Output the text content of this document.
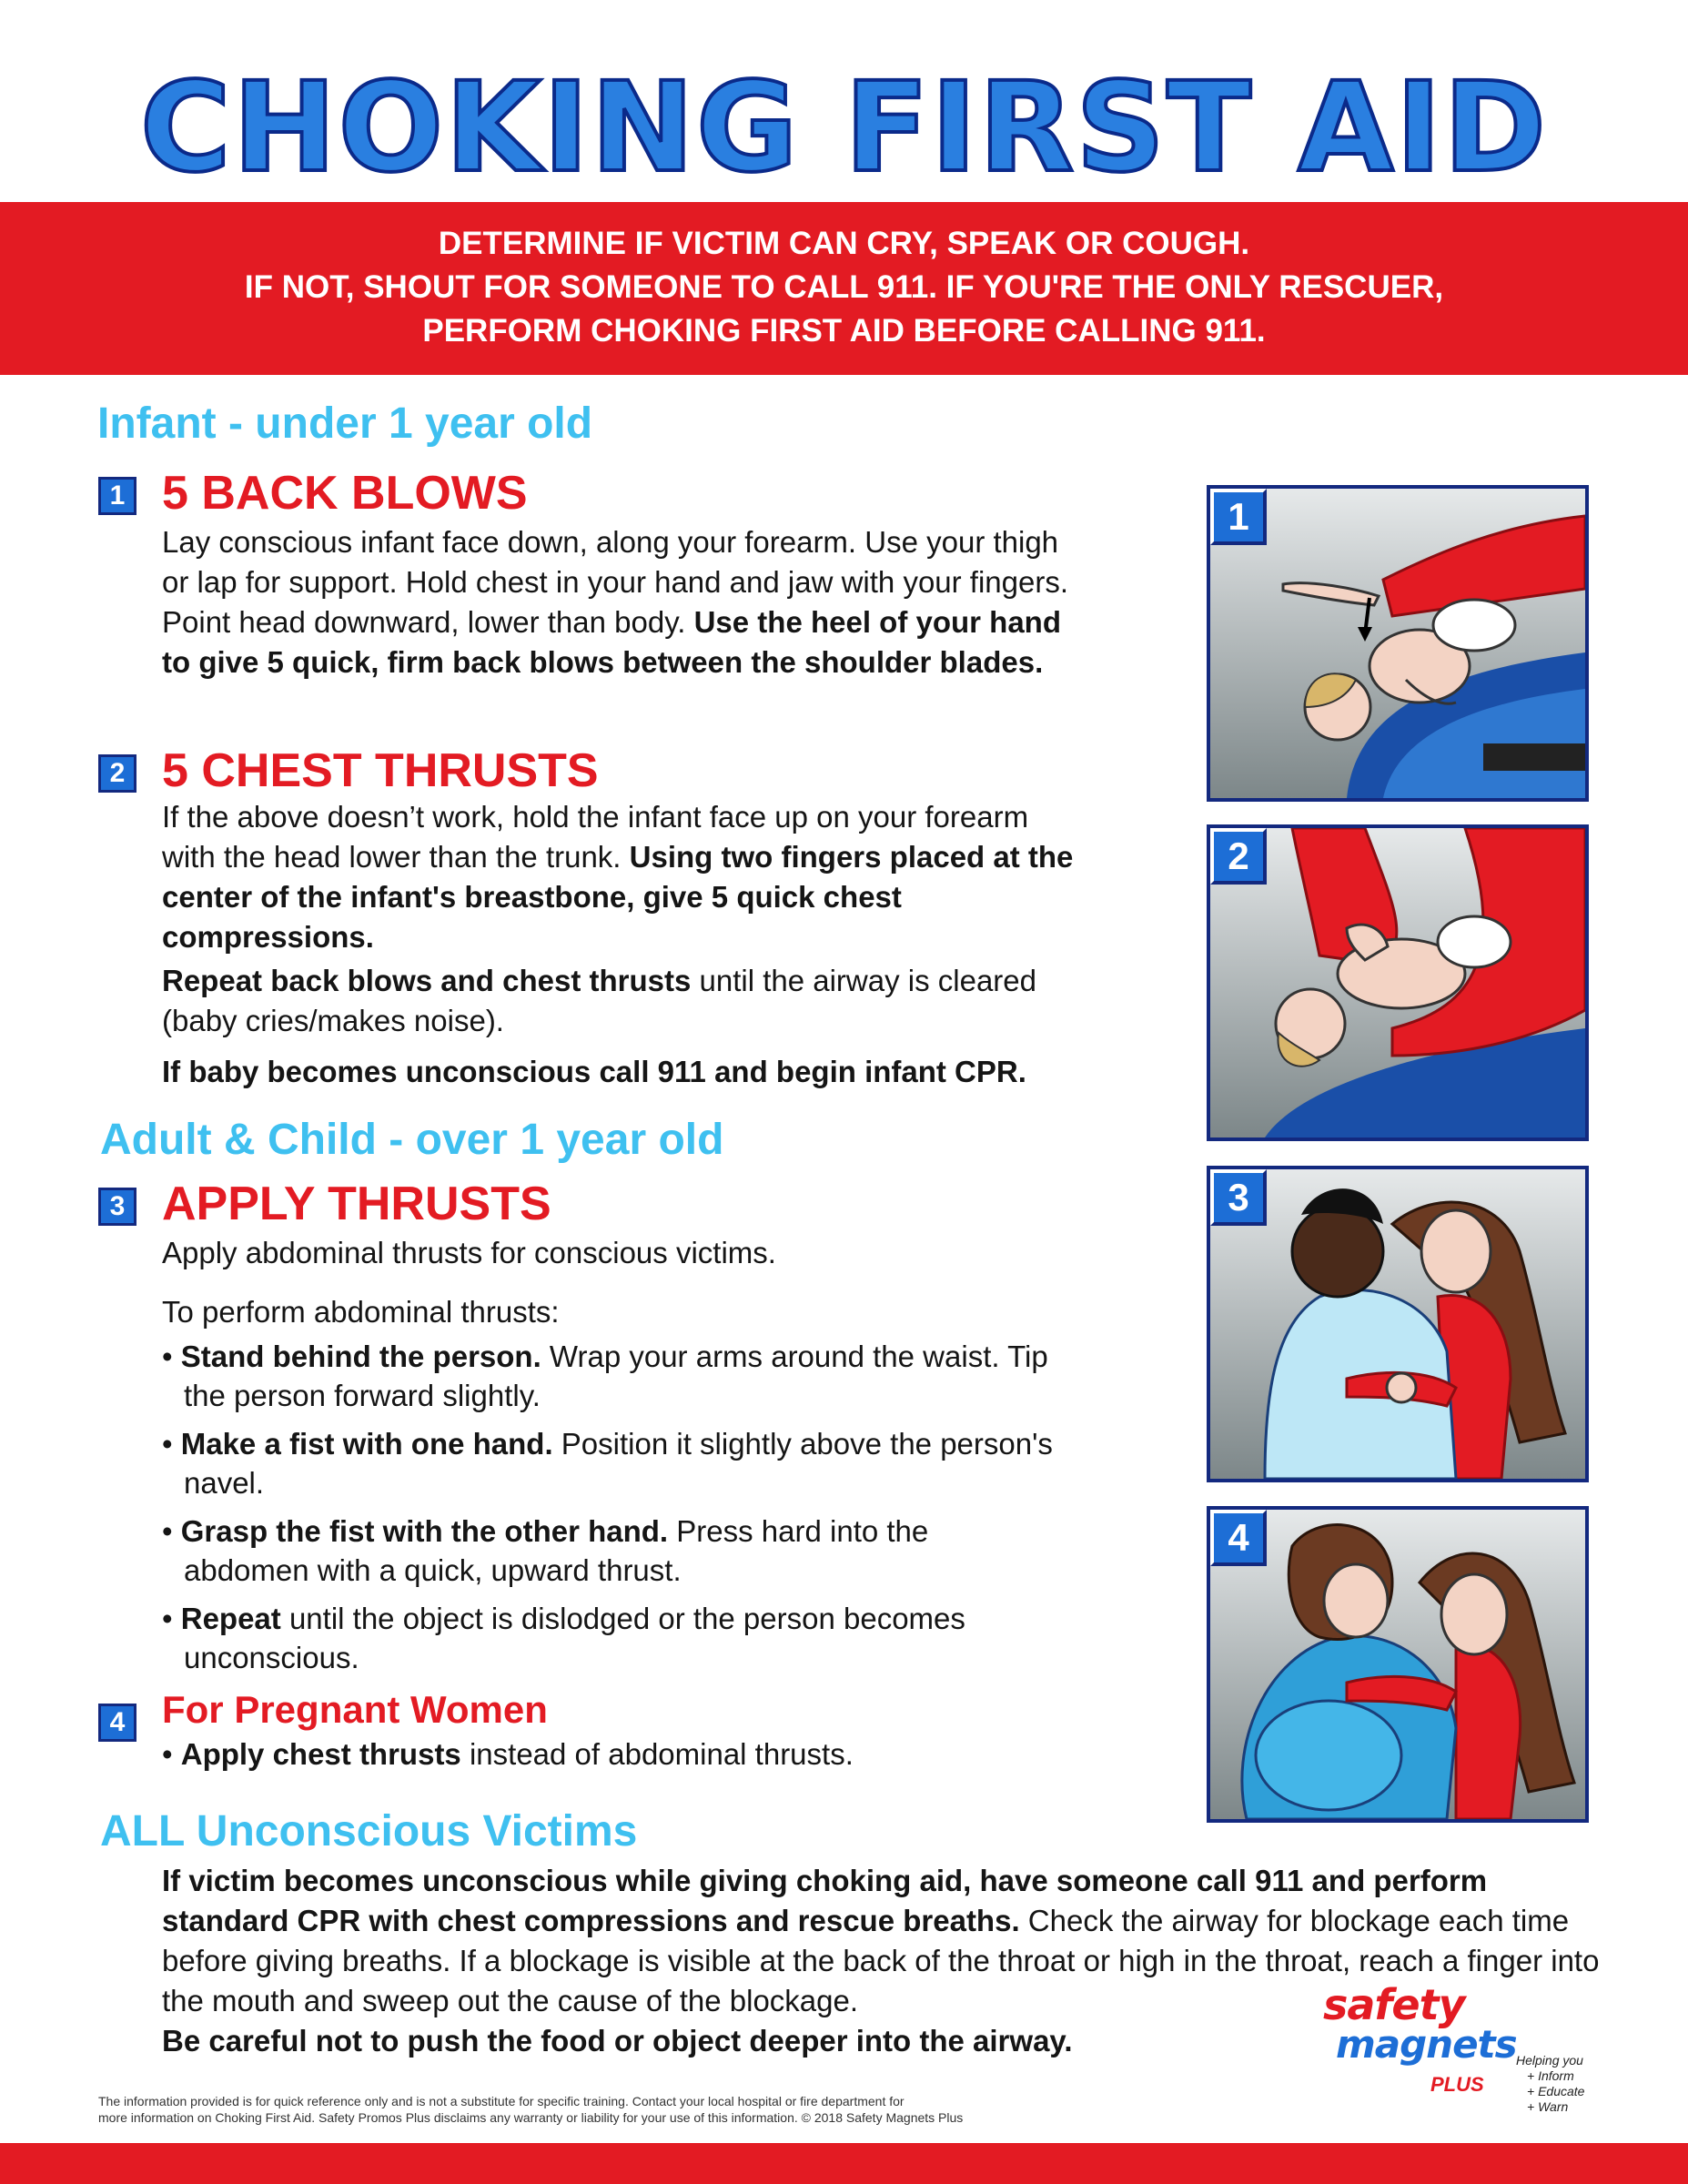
CHOKING FIRST AID
DETERMINE IF VICTIM CAN CRY, SPEAK OR COUGH.
IF NOT, SHOUT FOR SOMEONE TO CALL 911. IF YOU'RE THE ONLY RESCUER,
PERFORM CHOKING FIRST AID BEFORE CALLING 911.
Infant - under 1 year old
1 5 BACK BLOWS
Lay conscious infant face down, along your forearm. Use your thigh or lap for support. Hold chest in your hand and jaw with your fingers. Point head downward, lower than body. Use the heel of your hand to give 5 quick, firm back blows between the shoulder blades.
2 5 CHEST THRUSTS
If the above doesn’t work, hold the infant face up on your forearm with the head lower than the trunk. Using two fingers placed at the center of the infant's breastbone, give 5 quick chest compressions.
Repeat back blows and chest thrusts until the airway is cleared (baby cries/makes noise).
If baby becomes unconscious call 911 and begin infant CPR.
Adult & Child - over 1 year old
3 APPLY THRUSTS
Apply abdominal thrusts for conscious victims.
To perform abdominal thrusts:
• Stand behind the person. Wrap your arms around the waist. Tip the person forward slightly.
• Make a fist with one hand. Position it slightly above the person's navel.
• Grasp the fist with the other hand. Press hard into the abdomen with a quick, upward thrust.
• Repeat until the object is dislodged or the person becomes unconscious.
4 For Pregnant Women
• Apply chest thrusts instead of abdominal thrusts.
ALL Unconscious Victims
If victim becomes unconscious while giving choking aid, have someone call 911 and perform standard CPR with chest compressions and rescue breaths. Check the airway for blockage each time before giving breaths. If a blockage is visible at the back of the throat or high in the throat, reach a finger into the mouth and sweep out the cause of the blockage.
Be careful not to push the food or object deeper into the airway.
1
2
3
4
The information provided is for quick reference only and is not a substitute for specific training. Contact your local hospital or fire department for
more information on Choking First Aid. Safety Promos Plus disclaims any warranty or liability for your use of this information. © 2018 Safety Magnets Plus
safety
magnets
PLUS
Helping you
+ Inform
+ Educate
+ Warn
